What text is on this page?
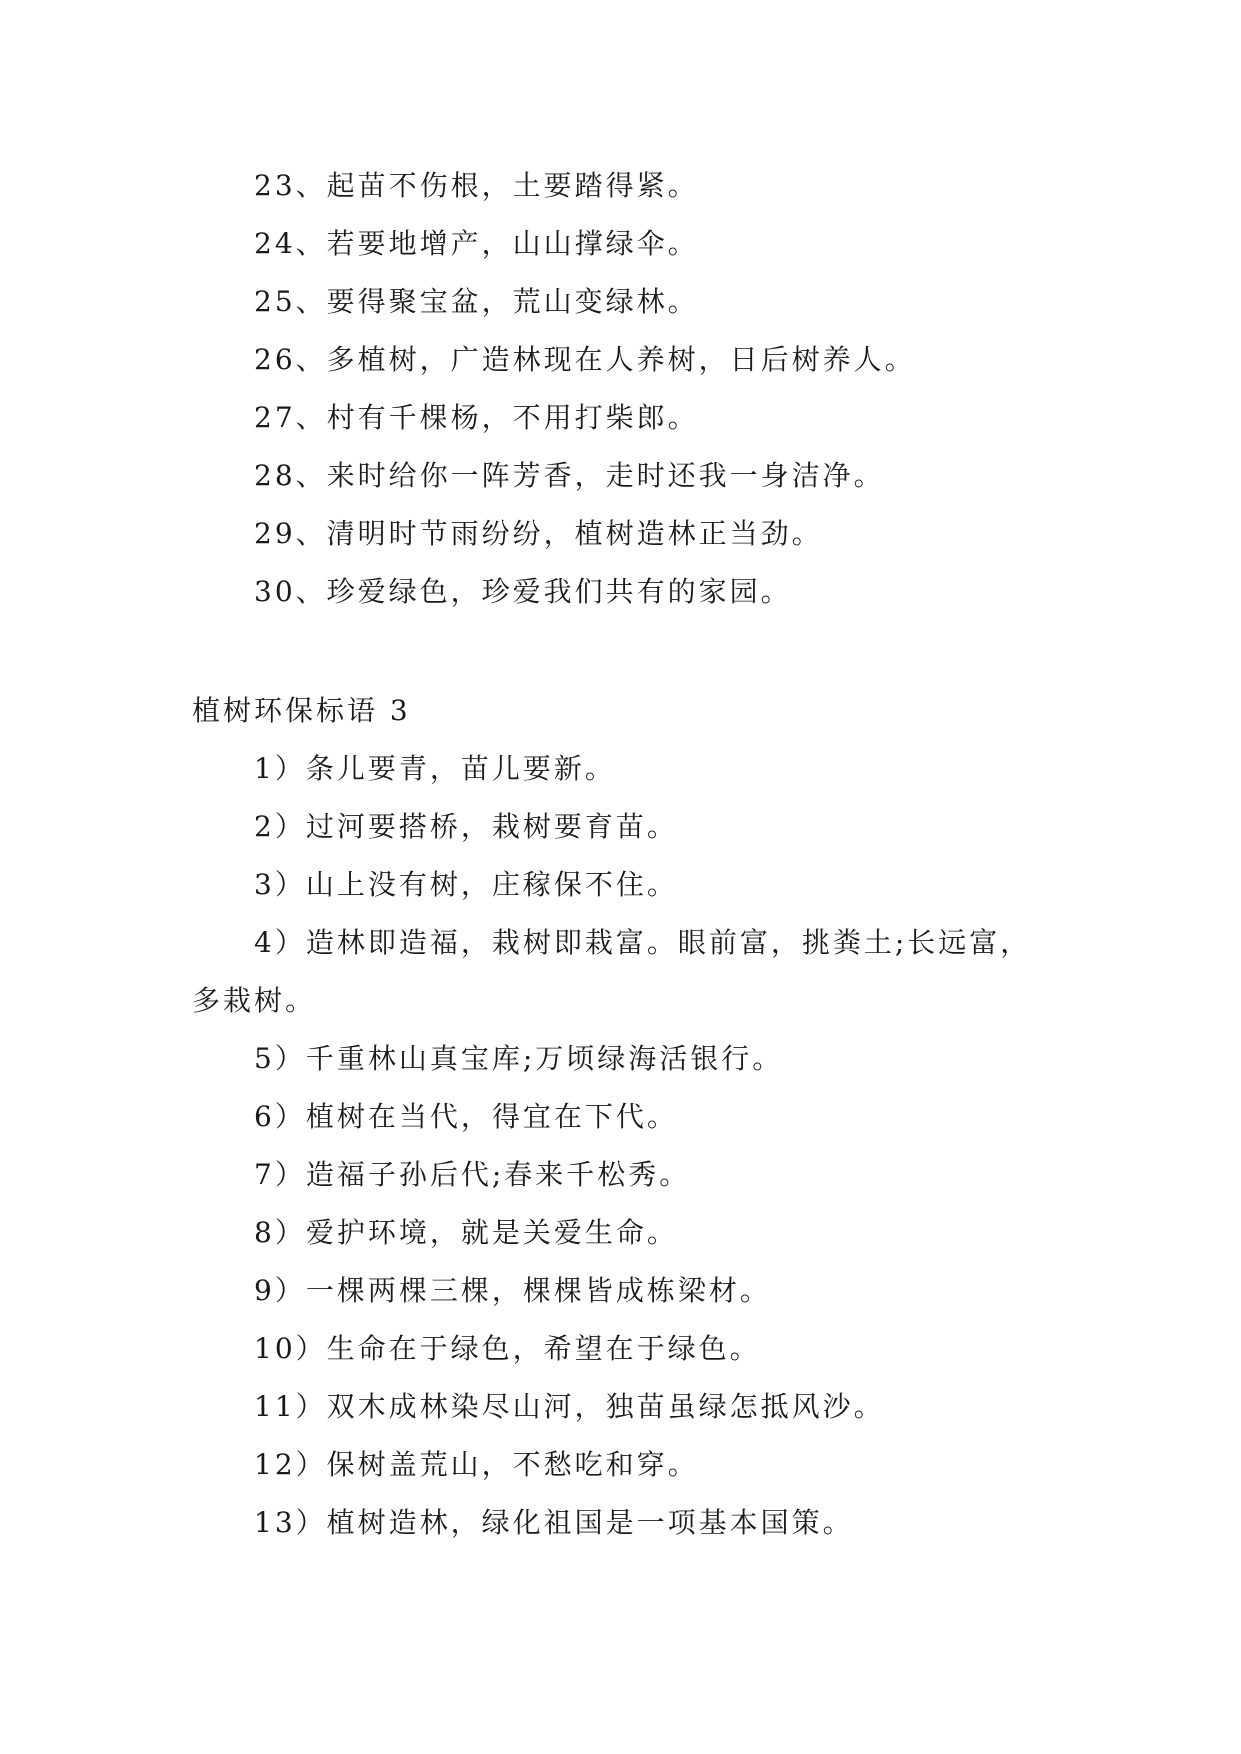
23、起苗不伤根，土要踏得紧。
24、若要地增产，山山撑绿伞。
25、要得聚宝盆，荒山变绿林。
26、多植树，广造林现在人养树，日后树养人。
27、村有千棵杨，不用打柴郎。
28、来时给你一阵芳香，走时还我一身洁净。
29、清明时节雨纷纷，植树造林正当劲。
30、珍爱绿色，珍爱我们共有的家园。
植树环保标语 3
1）条儿要青，苗儿要新。
2）过河要搭桥，栽树要育苗。
3）山上没有树，庄稼保不住。
4）造林即造福，栽树即栽富。眼前富，挑粪土;长远富，
多栽树。
5）千重林山真宝库;万顷绿海活银行。
6）植树在当代，得宜在下代。
7）造福子孙后代;春来千松秀。
8）爱护环境，就是关爱生命。
9）一棵两棵三棵，棵棵皆成栋梁材。
10）生命在于绿色，希望在于绿色。
11）双木成林染尽山河，独苗虽绿怎抵风沙。
12）保树盖荒山，不愁吃和穿。
13）植树造林，绿化祖国是一项基本国策。
